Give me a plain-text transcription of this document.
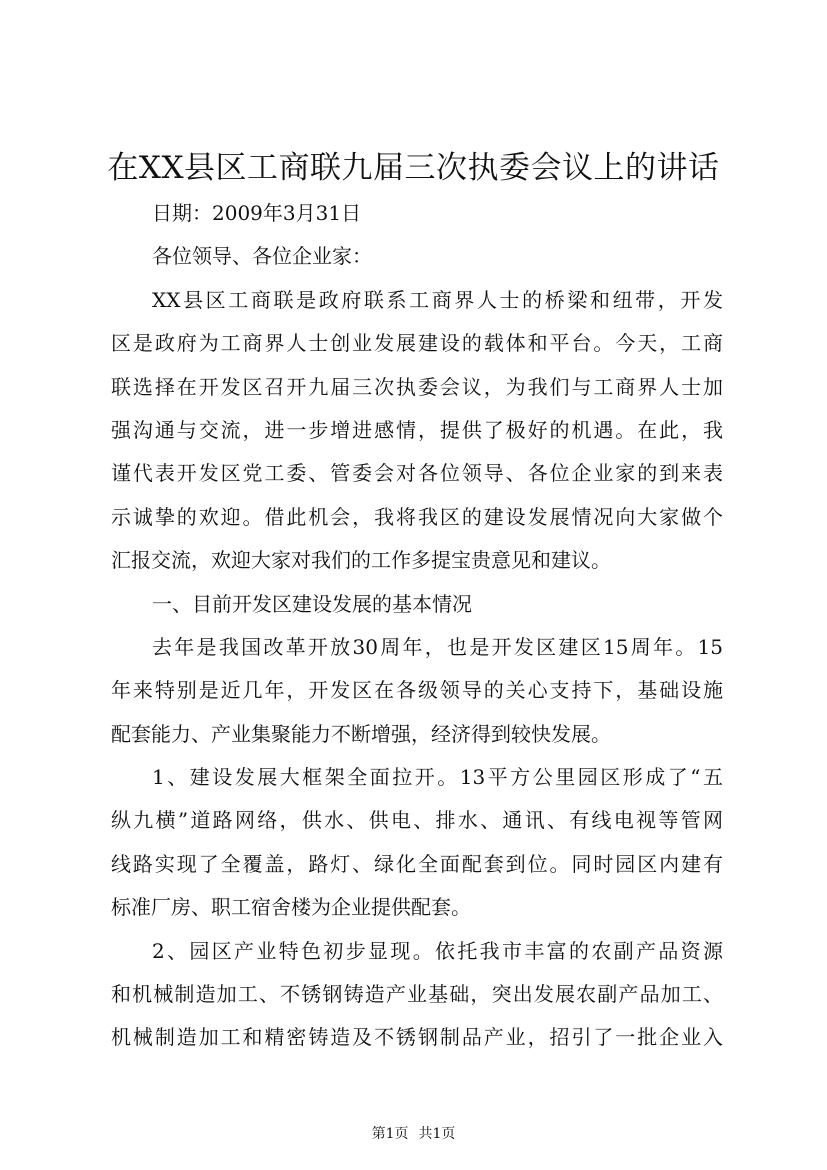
在XX县区工商联九届三次执委会议上的讲话
日期：2009年3月31日
各位领导、各位企业家：
XX县区工商联是政府联系工商界人士的桥梁和纽带，开发
区是政府为工商界人士创业发展建设的载体和平台。今天，工商
联选择在开发区召开九届三次执委会议，为我们与工商界人士加
强沟通与交流，进一步增进感情，提供了极好的机遇。在此，我
谨代表开发区党工委、管委会对各位领导、各位企业家的到来表
示诚挚的欢迎。借此机会，我将我区的建设发展情况向大家做个
汇报交流，欢迎大家对我们的工作多提宝贵意见和建议。
一、目前开发区建设发展的基本情况
去年是我国改革开放30周年，也是开发区建区15周年。15
年来特别是近几年，开发区在各级领导的关心支持下，基础设施
配套能力、产业集聚能力不断增强，经济得到较快发展。
1、建设发展大框架全面拉开。13平方公里园区形成了“五
纵九横”道路网络，供水、供电、排水、通讯、有线电视等管网
线路实现了全覆盖，路灯、绿化全面配套到位。同时园区内建有
标准厂房、职工宿舍楼为企业提供配套。
2、园区产业特色初步显现。依托我市丰富的农副产品资源
和机械制造加工、不锈钢铸造产业基础，突出发展农副产品加工、
机械制造加工和精密铸造及不锈钢制品产业，招引了一批企业入
第1页 共1页
